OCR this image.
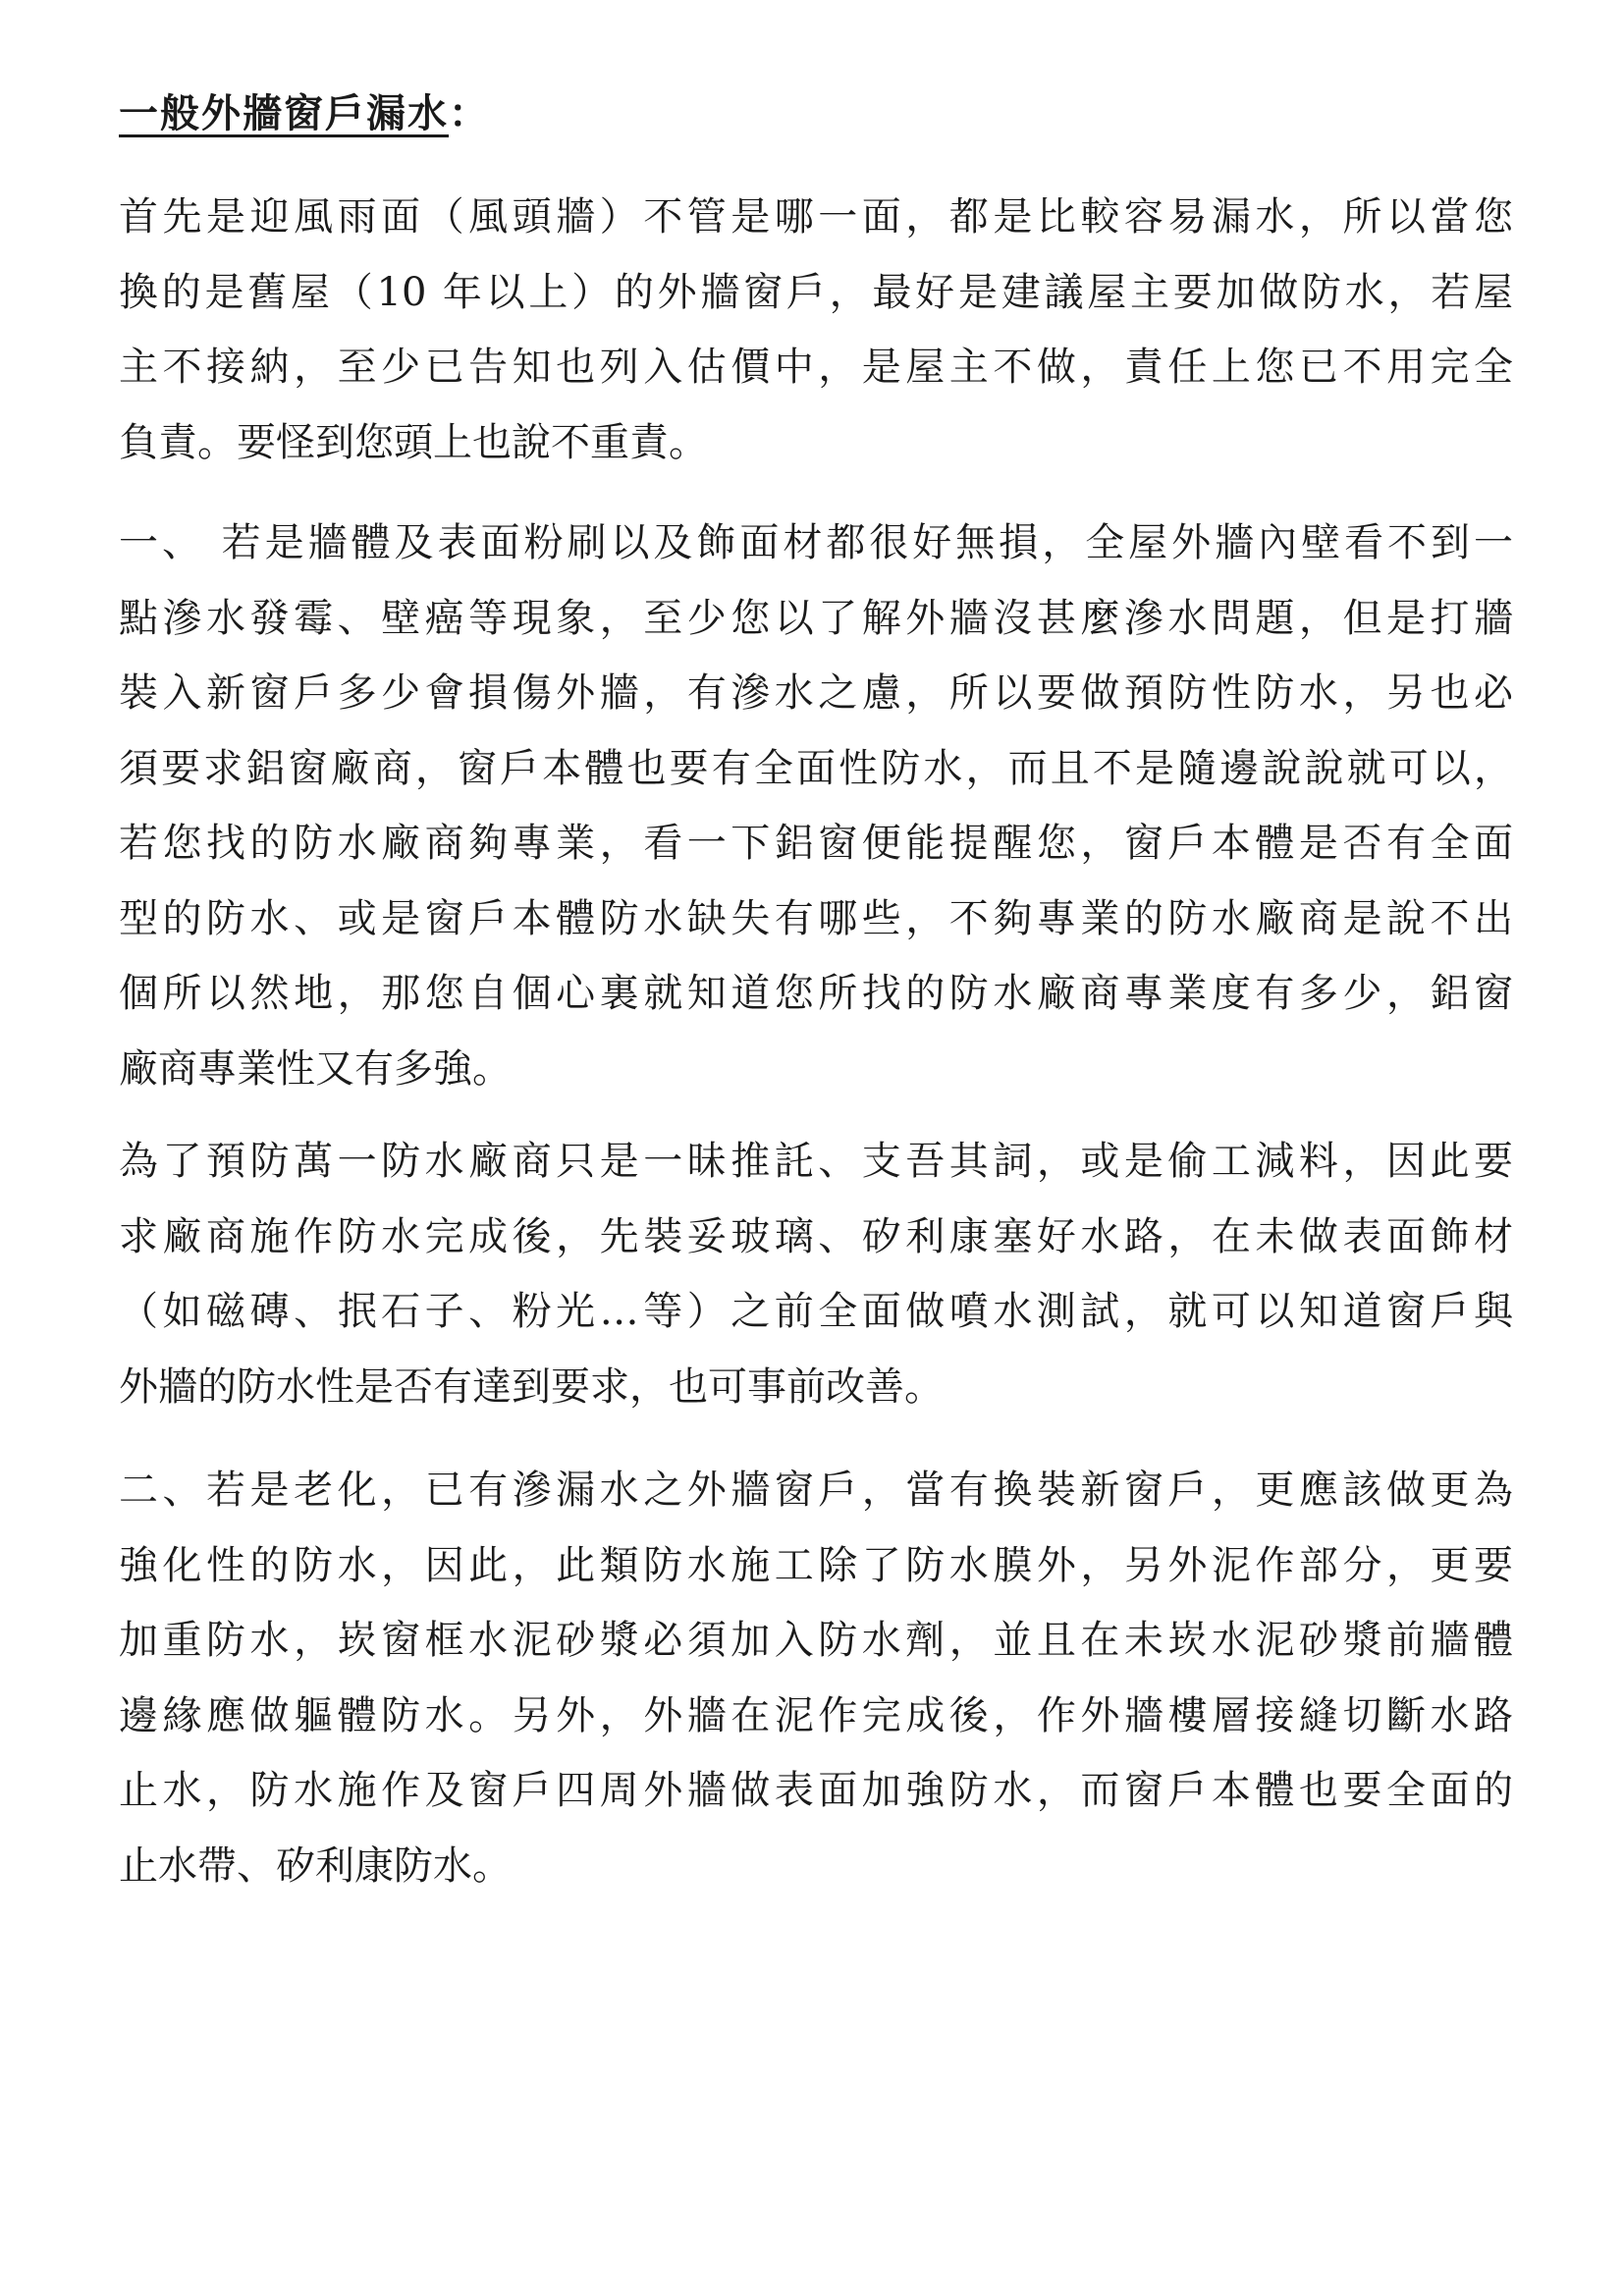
一般外牆窗戶漏水：
首先是迎風雨面（風頭牆）不管是哪一面，都是比較容易漏水，所以當您
換的是舊屋（10 年以上）的外牆窗戶，最好是建議屋主要加做防水，若屋
主不接納，至少已告知也列入估價中，是屋主不做，責任上您已不用完全
負責。要怪到您頭上也說不重責。
一、 若是牆體及表面粉刷以及飾面材都很好無損，全屋外牆內壁看不到一
點滲水發霉、壁癌等現象，至少您以了解外牆沒甚麼滲水問題，但是打牆
裝入新窗戶多少會損傷外牆，有滲水之慮，所以要做預防性防水，另也必
須要求鋁窗廠商，窗戶本體也要有全面性防水，而且不是隨邊說說就可以，
若您找的防水廠商夠專業，看一下鋁窗便能提醒您，窗戶本體是否有全面
型的防水、或是窗戶本體防水缺失有哪些，不夠專業的防水廠商是說不出
個所以然地，那您自個心裏就知道您所找的防水廠商專業度有多少，鋁窗
廠商專業性又有多強。
為了預防萬一防水廠商只是一昧推託、支吾其詞，或是偷工減料，因此要
求廠商施作防水完成後，先裝妥玻璃、矽利康塞好水路，在未做表面飾材
（如磁磚、抿石子、粉光…等）之前全面做噴水測試，就可以知道窗戶與
外牆的防水性是否有達到要求，也可事前改善。
二、若是老化，已有滲漏水之外牆窗戶，當有換裝新窗戶，更應該做更為
強化性的防水，因此，此類防水施工除了防水膜外，另外泥作部分，更要
加重防水，崁窗框水泥砂漿必須加入防水劑，並且在未崁水泥砂漿前牆體
邊緣應做軀體防水。另外，外牆在泥作完成後，作外牆樓層接縫切斷水路
止水，防水施作及窗戶四周外牆做表面加強防水，而窗戶本體也要全面的
止水帶、矽利康防水。
